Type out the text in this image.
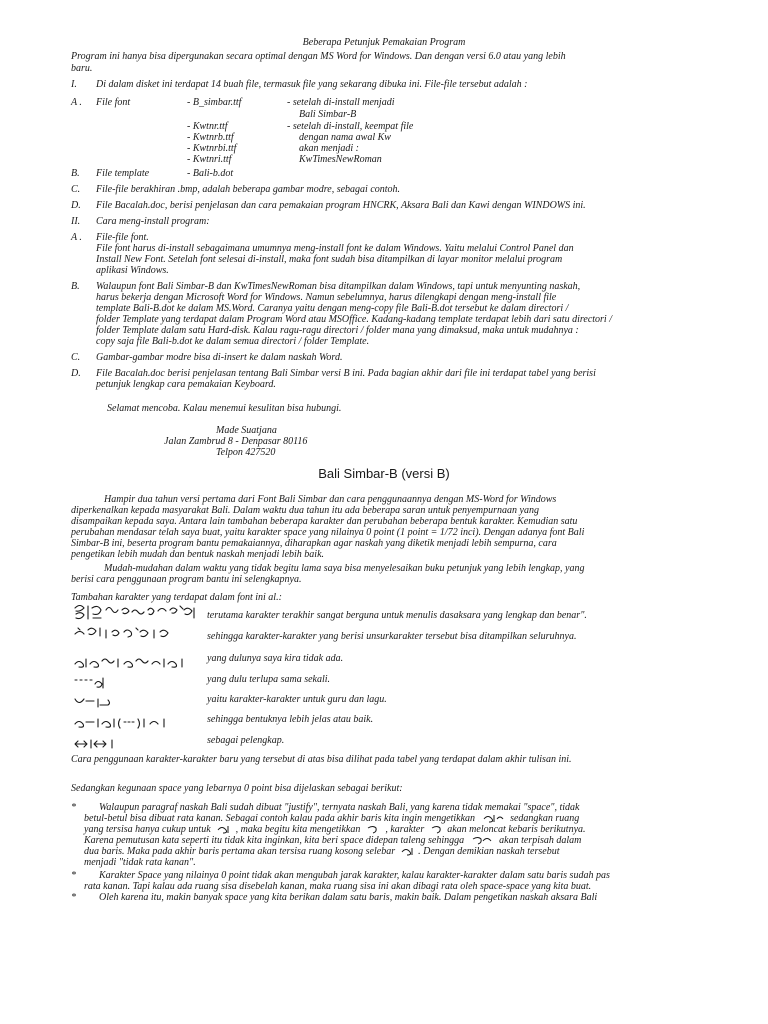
Beberapa Petunjuk Pemakaian Program
Program ini hanya bisa dipergunakan secara optimal dengan MS Word for Windows. Dan dengan versi 6.0 atau yang lebih
baru.
I. Di dalam disket ini terdapat 14 buah file, termasuk file yang sekarang dibuka ini. File-file tersebut adalah :
A . File font	- B_simbar.ttf	- setelah di-install menjadi
Bali Simbar-B
- Kwtnr.ttf	- setelah di-install, keempat file
- Kwtnrb.ttf	dengan nama awal Kw
- Kwtnrbi.ttf	akan menjadi :
- Kwtnri.ttf	KwTimesNewRoman
B. File template	- Bali-b.dot
C. File-file berakhiran .bmp, adalah beberapa gambar modre, sebagai contoh.
D. File Bacalah.doc, berisi penjelasan dan cara pemakaian program HNCRK, Aksara Bali dan Kawi dengan WINDOWS ini.
II. Cara meng-install program:
A . File-file font.
File font harus di-install sebagaimana umumnya meng-install font ke dalam Windows. Yaitu melalui Control Panel dan
Install New Font. Setelah font selesai di-install, maka font sudah bisa ditampilkan di layar monitor melalui program
aplikasi Windows.
B. Walaupun font Bali Simbar-B dan KwTimesNewRoman bisa ditampilkan dalam Windows, tapi untuk menyunting naskah,
harus bekerja dengan Microsoft Word for Windows. Namun sebelumnya, harus dilengkapi dengan meng-install file
template Bali-B.dot ke dalam MS.Word. Caranya yaitu dengan meng-copy file Bali-B.dot tersebut ke dalam directori /
folder Template yang terdapat dalam Program Word atau MSOffice. Kadang-kadang template terdapat lebih dari satu directori /
folder Template dalam satu Hard-disk. Kalau ragu-ragu directori / folder mana yang dimaksud, maka untuk mudahnya :
copy saja file Bali-b.dot ke dalam semua directori / folder Template.
C. Gambar-gambar modre bisa di-insert ke dalam naskah Word.
D. File Bacalah.doc berisi penjelasan tentang Bali Simbar versi B ini. Pada bagian akhir dari file ini terdapat tabel yang berisi
petunjuk lengkap cara pemakaian Keyboard.
Selamat mencoba. Kalau menemui kesulitan bisa hubungi.
Made Suatjana
Jalan Zambrud 8 - Denpasar 80116
Telpon 427520
Bali Simbar-B (versi B)
Hampir dua tahun versi pertama dari Font Bali Simbar dan cara penggunaannya dengan MS-Word for Windows
diperkenalkan kepada masyarakat Bali. Dalam waktu dua tahun itu ada beberapa saran untuk penyempurnaan yang
disampaikan kepada saya. Antara lain tambahan beberapa karakter dan perubahan beberapa bentuk karakter. Kemudian satu
perubahan mendasar telah saya buat, yaitu karakter space yang nilainya 0 point (1 point = 1/72 inci). Dengan adanya font Bali
Simbar-B ini, beserta program bantu pemakaiannya, diharapkan agar naskah yang diketik menjadi lebih sempurna, cara
pengetikan lebih mudah dan bentuk naskah menjadi lebih baik.
Mudah-mudahan dalam waktu yang tidak begitu lama saya bisa menyelesaikan buku petunjuk yang lebih lengkap, yang
berisi cara penggunaan program bantu ini selengkapnya.
Tambahan karakter yang terdapat dalam font ini al.:
terutama karakter terakhir sangat berguna untuk menulis dasaksara yang lengkap dan benar".
sehingga karakter-karakter yang berisi unsurkarakter tersebut bisa ditampilkan seluruhnya.
yang dulunya saya kira tidak ada.
yang dulu terlupa sama sekali.
yaitu karakter-karakter untuk guru dan lagu.
sehingga bentuknya lebih jelas atau baik.
sebagai pelengkap.
Cara penggunaan karakter-karakter baru yang tersebut di atas bisa dilihat pada tabel yang terdapat dalam akhir tulisan ini.
Sedangkan kegunaan space yang lebarnya 0 point bisa dijelaskan sebagai berikut:
* Walaupun paragraf naskah Bali sudah dibuat "justify", ternyata naskah Bali, yang karena tidak memakai "space", tidak
betul-betul bisa dibuat rata kanan. Sebagai contoh kalau pada akhir baris kita ingin mengetikkan	sedangkan ruang
yang tersisa hanya cukup untuk	, maka begitu kita mengetikkan	, karakter akan meloncat kebaris berikutnya.
Karena pemutusan kata seperti itu tidak kita inginkan, kita beri space didepan taleng sehingga	akan terpisah dalam
dua baris. Maka pada akhir baris pertama akan tersisa ruang kosong selebar . Dengan demikian naskah tersebut
menjadi "tidak rata kanan".
* Karakter Space yang nilainya 0 point tidak akan mengubah jarak karakter, kalau karakter-karakter dalam satu baris sudah pas
rata kanan. Tapi kalau ada ruang sisa disebelah kanan, maka ruang sisa ini akan dibagi rata oleh space-space yang kita buat.
* Oleh karena itu, makin banyak space yang kita berikan dalam satu baris, makin baik. Dalam pengetikan naskah aksara Bali
